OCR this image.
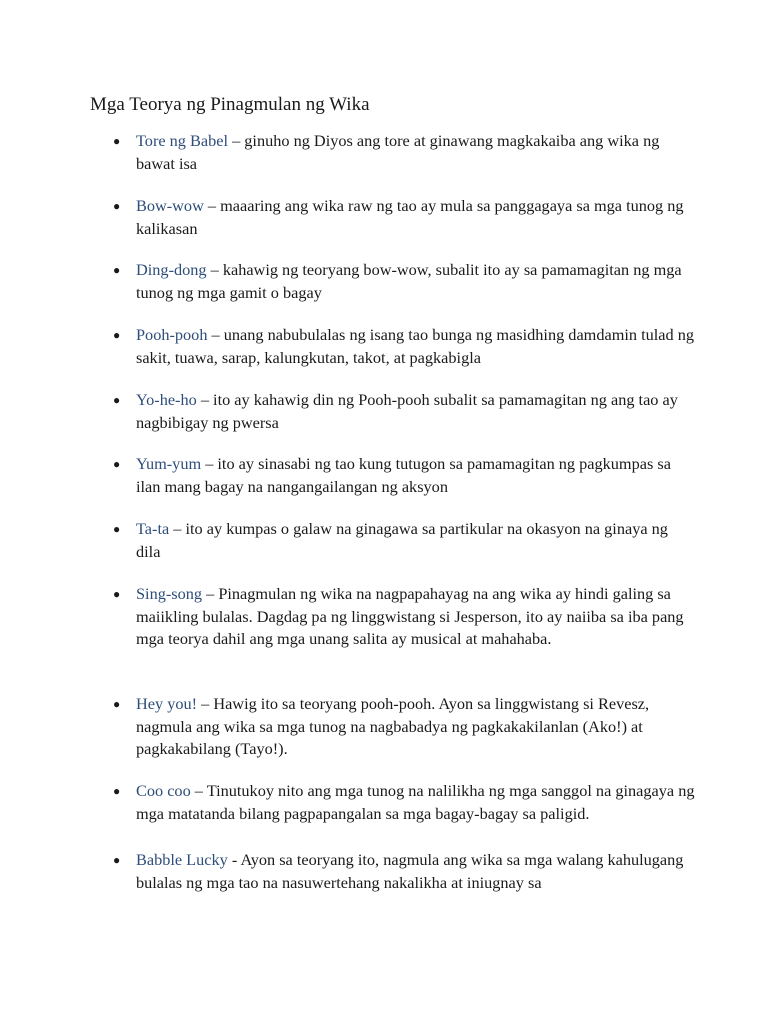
Mga Teorya ng Pinagmulan ng Wika
● Tore ng Babel – ginuho ng Diyos ang tore at ginawang magkakaiba ang wika ng bawat isa
● Bow-wow – maaaring ang wika raw ng tao ay mula sa panggagaya sa mga tunog ng kalikasan
● Ding-dong – kahawig ng teoryang bow-wow, subalit ito ay sa pamamagitan ng mga tunog ng mga gamit o bagay
● Pooh-pooh – unang nabubulalas ng isang tao bunga ng masidhing damdamin tulad ng sakit, tuawa, sarap, kalungkutan, takot, at pagkabigla
● Yo-he-ho – ito ay kahawig din ng Pooh-pooh subalit sa pamamagitan ng ang tao ay nagbibigay ng pwersa
● Yum-yum – ito ay sinasabi ng tao kung tutugon sa pamamagitan ng pagkumpas sa ilan mang bagay na nangangailangan ng aksyon
● Ta-ta – ito ay kumpas o galaw na ginagawa sa partikular na okasyon na ginaya ng dila
● Sing-song – Pinagmulan ng wika na nagpapahayag na ang wika ay hindi galing sa maiikling bulalas. Dagdag pa ng linggwistang si Jesperson, ito ay naiiba sa iba pang mga teorya dahil ang mga unang salita ay musical at mahahaba.
● Hey you! – Hawig ito sa teoryang pooh-pooh. Ayon sa linggwistang si Revesz, nagmula ang wika sa mga tunog na nagbabadya ng pagkakakilanlan (Ako!) at pagkakabilang (Tayo!).
● Coo coo – Tinutukoy nito ang mga tunog na nalilikha ng mga sanggol na ginagaya ng mga matatanda bilang pagpapangalan sa mga bagay-bagay sa paligid.
● Babble Lucky - Ayon sa teoryang ito, nagmula ang wika sa mga walang kahulugang bulalas ng mga tao na nasuwertehang nakalikha at iniugnay sa
